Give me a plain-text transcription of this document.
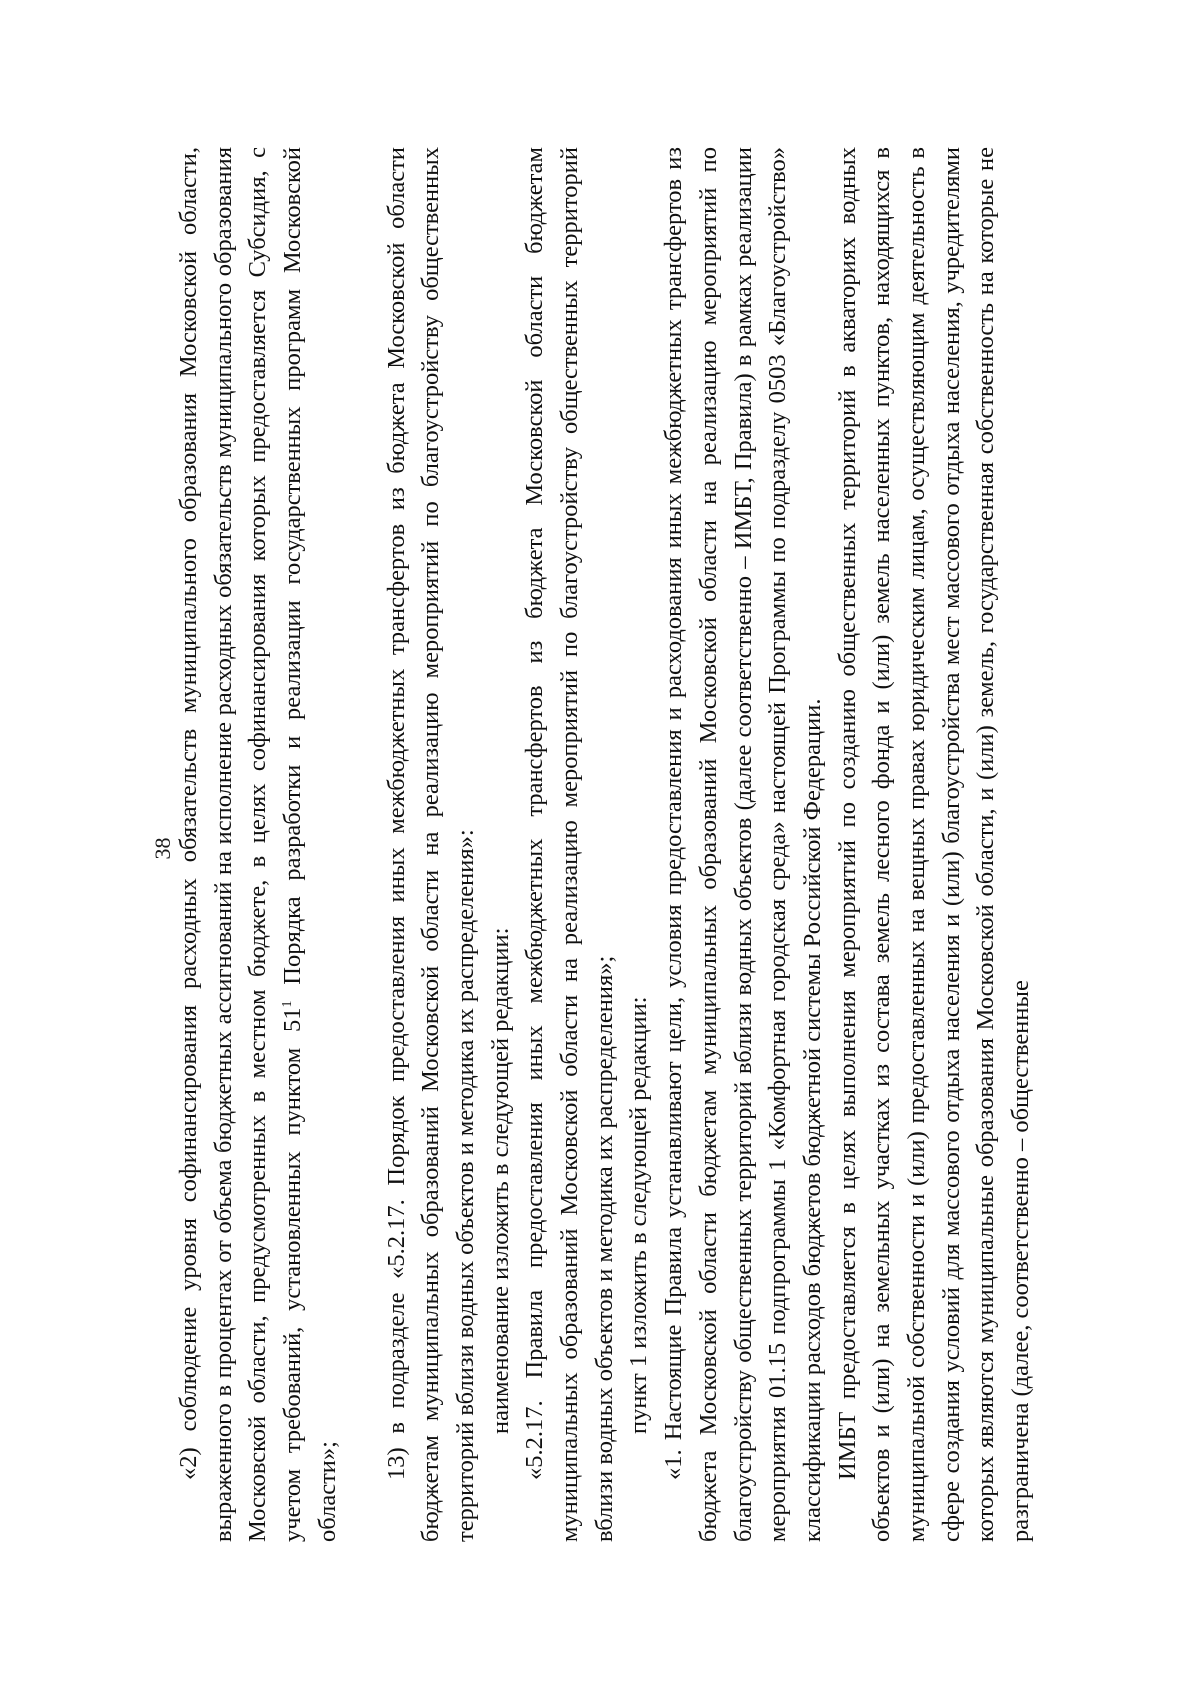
38 «2) соблюдение уровня софинансирования расходных обязательств муниципального образования Московской области, выраженного в процентах от объема бюджетных ассигнований на исполнение расходных обязательств муниципального образования Московской области, предусмотренных в местном бюджете, в целях софинансирования которых предоставляется Субсидия, с учетом требований, установленных пунктом $51^1$ Порядка разработки и реализации государственных программ Московской области»;

13) в подразделе «5.2.17. Порядок предоставления иных межбюджетных трансфертов из бюджета Московской области бюджетам муниципальных образований Московской области на реализацию мероприятий по благоустройству общественных территорий вблизи водных объектов и методика их распределения»: наименование изложить в следующей редакции: «5.2.17. Правила предоставления иных межбюджетных трансфертов из бюджета Московской области бюджетам муниципальных образований Московской области на реализацию мероприятий по благоустройству общественных территорий вблизи водных объектов и методика их распределения»; пункт 1 изложить в следующей редакции: «1. Настоящие Правила устанавливают цели, условия предоставления и расходования иных межбюджетных трансфертов из бюджета Московской области бюджетам муниципальных образований Московской области на реализацию мероприятий по благоустройству общественных территорий вблизи водных объектов (далее соответственно – ИМБТ, Правила) в рамках реализации мероприятия 01.15 подпрограммы 1 «Комфортная городская среда» настоящей Программы по подразделу 0503 «Благоустройство» классификации расходов бюджетов бюджетной системы Российской Федерации. ИМБТ предоставляется в целях выполнения мероприятий по созданию общественных территорий в акваториях водных объектов и (или) на земельных участках из состава земель лесного фонда и (или) земель населенных пунктов, находящихся в муниципальной собственности и (или) предоставленных на вещных правах юридическим лицам, осуществляющим деятельность в сфере создания условий для массового отдыха населения и (или) благоустройства мест массового отдыха населения, учредителями которых являются муниципальные образования Московской области, и (или) земель, государственная собственность на которые не разграничена (далее, соответственно – общественные
